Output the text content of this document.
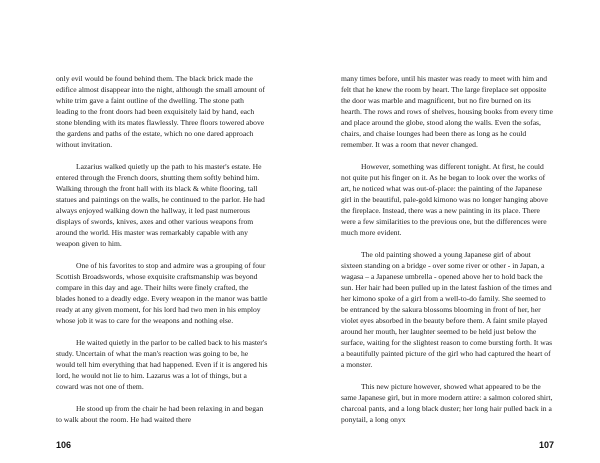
only evil would be found behind them. The black brick made the edifice almost disappear into the night, although the small amount of white trim gave a faint outline of the dwelling. The stone path leading to the front doors had been exquisitely laid by hand, each stone blending with its mates flawlessly. Three floors towered above the gardens and paths of the estate, which no one dared approach without invitation.

Lazarius walked quietly up the path to his master's estate. He entered through the French doors, shutting them softly behind him. Walking through the front hall with its black & white flooring, tall statues and paintings on the walls, he continued to the parlor. He had always enjoyed walking down the hallway, it led past numerous displays of swords, knives, axes and other various weapons from around the world. His master was remarkably capable with any weapon given to him.

One of his favorites to stop and admire was a grouping of four Scottish Broadswords, whose exquisite craftsmanship was beyond compare in this day and age. Their hilts were finely crafted, the blades honed to a deadly edge. Every weapon in the manor was battle ready at any given moment, for his lord had two men in his employ whose job it was to care for the weapons and nothing else.

He waited quietly in the parlor to be called back to his master's study. Uncertain of what the man's reaction was going to be, he would tell him everything that had happened. Even if it is angered his lord, he would not lie to him. Lazarus was a lot of things, but a coward was not one of them.

He stood up from the chair he had been relaxing in and began to walk about the room. He had waited there

106

many times before, until his master was ready to meet with him and felt that he knew the room by heart. The large fireplace set opposite the door was marble and magnificent, but no fire burned on its hearth. The rows and rows of shelves, housing books from every time and place around the globe, stood along the walls. Even the sofas, chairs, and chaise lounges had been there as long as he could remember. It was a room that never changed.

However, something was different tonight. At first, he could not quite put his finger on it. As he began to look over the works of art, he noticed what was out-of-place: the painting of the Japanese girl in the beautiful, pale-gold kimono was no longer hanging above the fireplace. Instead, there was a new painting in its place. There were a few similarities to the previous one, but the differences were much more evident.

The old painting showed a young Japanese girl of about sixteen standing on a bridge - over some river or other - in Japan, a wagasa – a Japanese umbrella - opened above her to hold back the sun. Her hair had been pulled up in the latest fashion of the times and her kimono spoke of a girl from a well-to-do family. She seemed to be entranced by the sakura blossoms blooming in front of her, her violet eyes absorbed in the beauty before them. A faint smile played around her mouth, her laughter seemed to be held just below the surface, waiting for the slightest reason to come bursting forth. It was a beautifully painted picture of the girl who had captured the heart of a monster.

This new picture however, showed what appeared to be the same Japanese girl, but in more modern attire: a salmon colored shirt, charcoal pants, and a long black duster; her long hair pulled back in a ponytail, a long onyx

107
